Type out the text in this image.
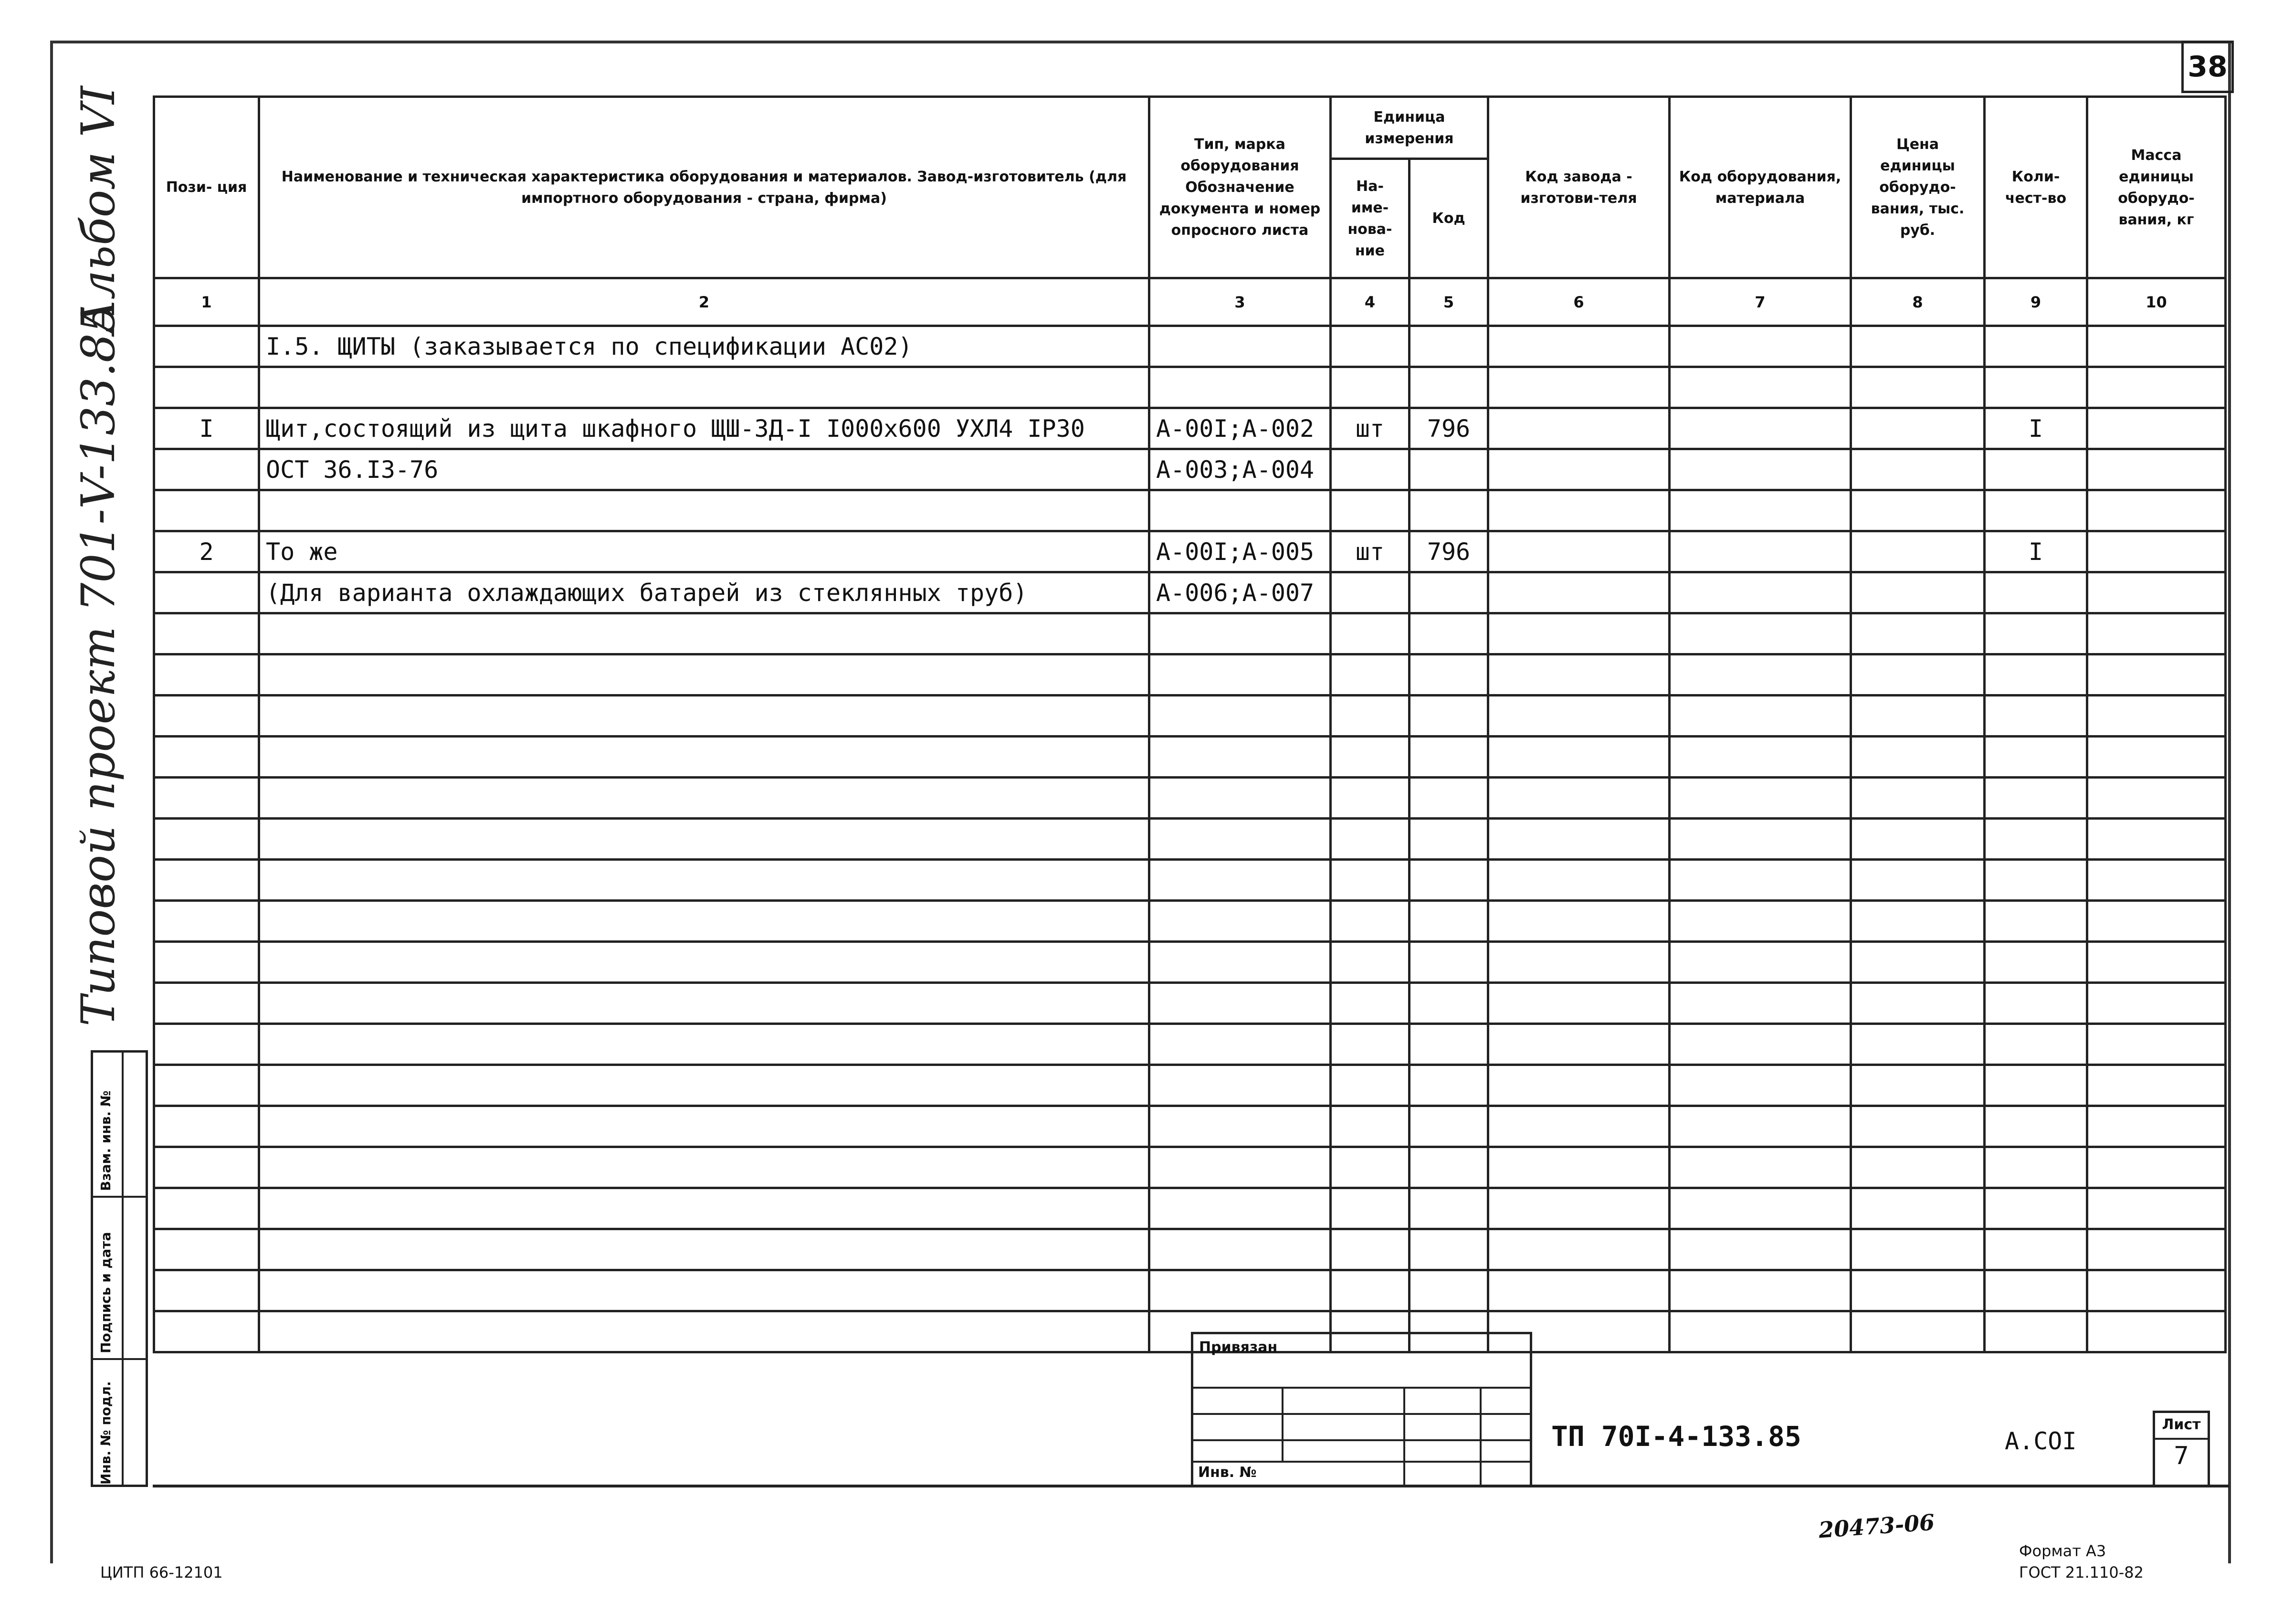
38
Альбом VI
Типовой проект 701-V-133.85
Пози- ция	Наименование и техническая характеристика оборудования и материалов. Завод-изготовитель (для импортного оборудования - страна, фирма)	Тип, марка оборудования Обозначение документа и номер опросного листа	Единица измерения		Код завода - изготови-теля	Код оборудования, материала	Цена единицы оборудо-вания, тыс. руб.	Коли-чест-во	Масса единицы оборудо-вания, кг
			На-име-нова-ние	Код					
1	2	3	4	5	6	7	8	9	10
	I.5. ЩИТЫ (заказывается по спецификации АС02)								

I	Щит,состоящий из щита шкафного ЩШ-ЗД-I I000x600 УХЛ4 IP30	A-00I;A-002	шт	796				I	
	ОСТ 36.I3-76	A-003;A-004							

2	То же	A-00I;A-005	шт	796				I	
	(Для варианта охлаждающих батарей из стеклянных труб)	A-006;A-007							

Привязан
Инв. №
ТП 70I-4-133.85	А.СОI
Лист
7
Взам. инв. №
Подпись и дата
Инв. № подл.
20473-06
Формат А3
ГОСТ 21.110-82
ЦИТП 66-12101
